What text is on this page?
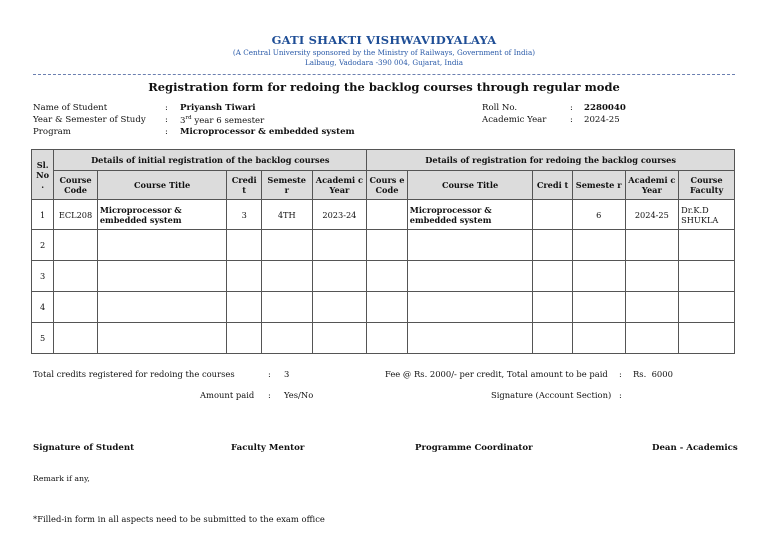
GATI SHAKTI VISHWAVIDYALAYA
(A Central University sponsored by the Ministry of Railways, Government of India)
Lalbaug, Vadodara -390 004, Gujarat, India
Registration form for redoing the backlog courses through regular mode
Name of Student	: Priyansh Tiwari
Year & Semester of Study : 3rd year 6 semester
Program	: Microprocessor & embedded system
Roll No.	: 2280040
Academic Year	: 2024-25
Sl. No .	Details of initial registration of the backlog courses					Details of registration for redoing the backlog courses					
	Course Code	Course Title	Credi t	Semeste r	Academi c Year	Cours e Code	Course Title	Credi t	Semeste r	Academi c Year	Course Faculty
1	ECL208	Microprocessor & embedded system	3	4TH	2023-24		Microprocessor & embedded system		6	2024-25	Dr.K.D SHUKLA
2											
3											
4											
5											
Total credits registered for redoing the courses	: 3	Fee @ Rs. 2000/- per credit, Total amount to be paid : Rs.  6000
Amount paid : Yes/No	Signature (Account Section) :
Signature of Student	Faculty Mentor	Programme Coordinator	Dean - Academics
Remark if any,
*Filled-in form in all aspects need to be submitted to the exam office
